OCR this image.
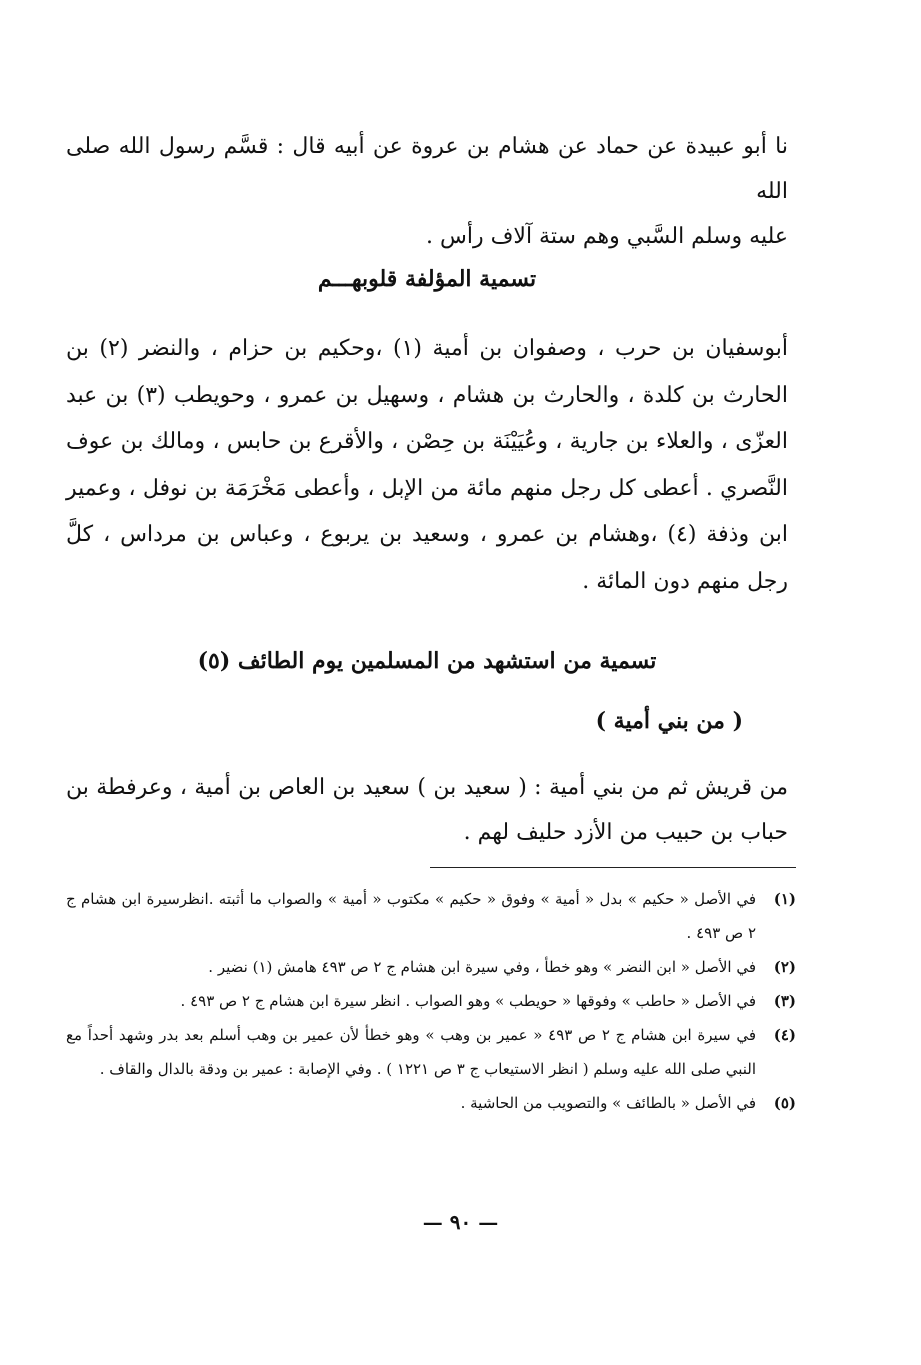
نا أبو عبيدة عن حماد عن هشام بن عروة عن أبيه قال : قسَّم رسول الله صلى الله
عليه وسلم السَّبي وهم ستة آلاف رأس .
تسمية المؤلفة قلوبهـــم
أبوسفيان بن حرب ، وصفوان بن أمية (١) ،وحكيم بن حزام ، والنضر (٢) بن الحارث بن كلدة ، والحارث بن هشام ، وسهيل بن عمرو ، وحويطب (٣) بن عبد العزّى ، والعلاء بن جارية ، وعُيَيْنَة بن حِصْن ، والأقرع بن حابس ، ومالك بن عوف النَّصري . أعطى كل رجل منهم مائة من الإبل ، وأعطى مَخْرَمَة بن نوفل ، وعمير ابن وذفة (٤) ،وهشام بن عمرو ، وسعيد بن يربوع ، وعباس بن مرداس ، كلَّ رجل منهم دون المائة .
تسمية من استشهد من المسلمين يوم الطائف (٥)
( من بني أمية )
من قريش ثم من بني أمية : ( سعيد بن ) سعيد بن العاص بن أمية ، وعرفطة بن حباب بن حبيب من الأزد حليف لهم .
(١)
في الأصل « حكيم » بدل « أمية » وفوق « حكيم » مكتوب « أمية » والصواب ما أثبته .انظرسيرة ابن هشام ج ٢ ص ٤٩٣ .
(٢)
في الأصل « ابن النضر » وهو خطأ ، وفي سيرة ابن هشام ج ٢ ص ٤٩٣ هامش (١) نضير .
(٣)
في الأصل « حاطب » وفوقها « حويطب » وهو الصواب . انظر سيرة ابن هشام ج ٢ ص ٤٩٣ .
(٤)
في سيرة ابن هشام ج ٢ ص ٤٩٣ « عمير بن وهب » وهو خطأ لأن عمير بن وهب أسلم بعد بدر وشهد أحداً مع النبي صلى الله عليه وسلم ( انظر الاستيعاب ج ٣ ص ١٢٢١ ) . وفي الإصابة : عمير بن ودقة بالدال والقاف .
(٥)
في الأصل « بالطائف » والتصويب من الحاشية .
— ٩٠ —
